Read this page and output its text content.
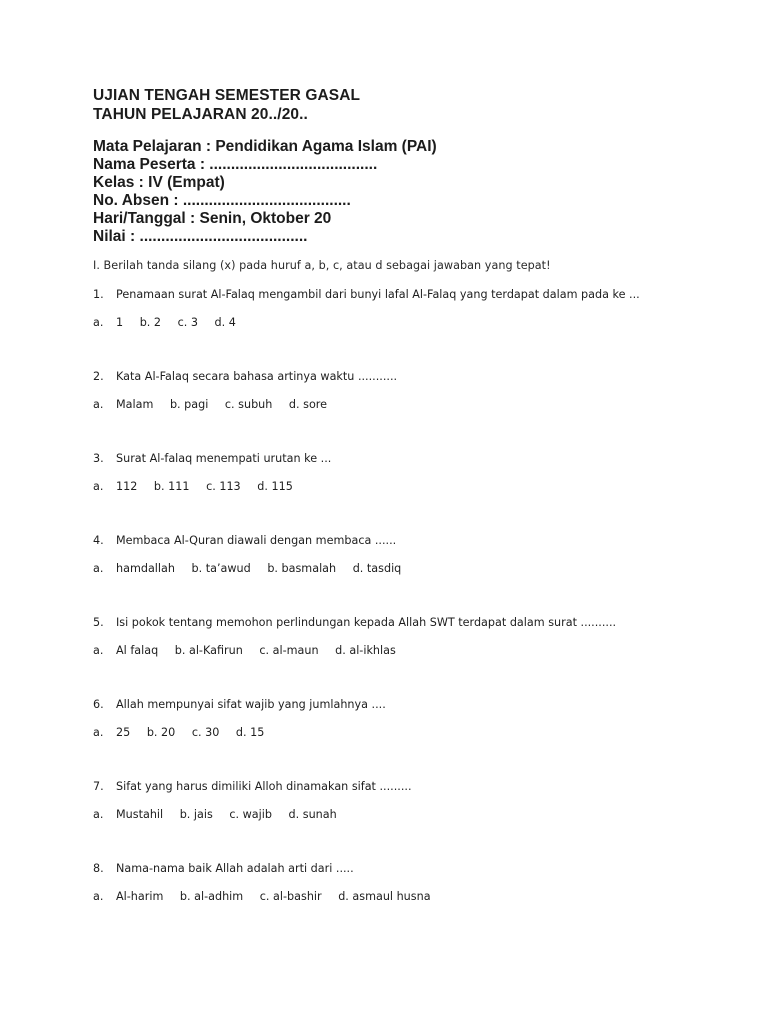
UJIAN TENGAH SEMESTER GASAL
TAHUN PELAJARAN 20../20..
Mata Pelajaran : Pendidikan Agama Islam (PAI)
Nama Peserta : .......................................
Kelas : IV (Empat)
No. Absen : .......................................
Hari/Tanggal : Senin, Oktober 20
Nilai : .......................................
I. Berilah tanda silang (x) pada huruf a, b, c, atau d sebagai jawaban yang tepat!
1. Penamaan surat Al-Falaq mengambil dari bunyi lafal Al-Falaq yang terdapat dalam pada ke ...
a. 1 b. 2 c. 3 d. 4
2. Kata Al-Falaq secara bahasa artinya waktu ...........
a. Malam b. pagi c. subuh d. sore
3. Surat Al-falaq menempati urutan ke ...
a. 112 b. 111 c. 113 d. 115
4. Membaca Al-Quran diawali dengan membaca ......
a. hamdallah b. ta’awud b. basmalah d. tasdiq
5. Isi pokok tentang memohon perlindungan kepada Allah SWT terdapat dalam surat ..........
a. Al falaq b. al-Kafirun c. al-maun d. al-ikhlas
6. Allah mempunyai sifat wajib yang jumlahnya ....
a. 25 b. 20 c. 30 d. 15
7. Sifat yang harus dimiliki Alloh dinamakan sifat .........
a. Mustahil b. jais c. wajib d. sunah
8. Nama-nama baik Allah adalah arti dari .....
a. Al-harim b. al-adhim c. al-bashir d. asmaul husna
